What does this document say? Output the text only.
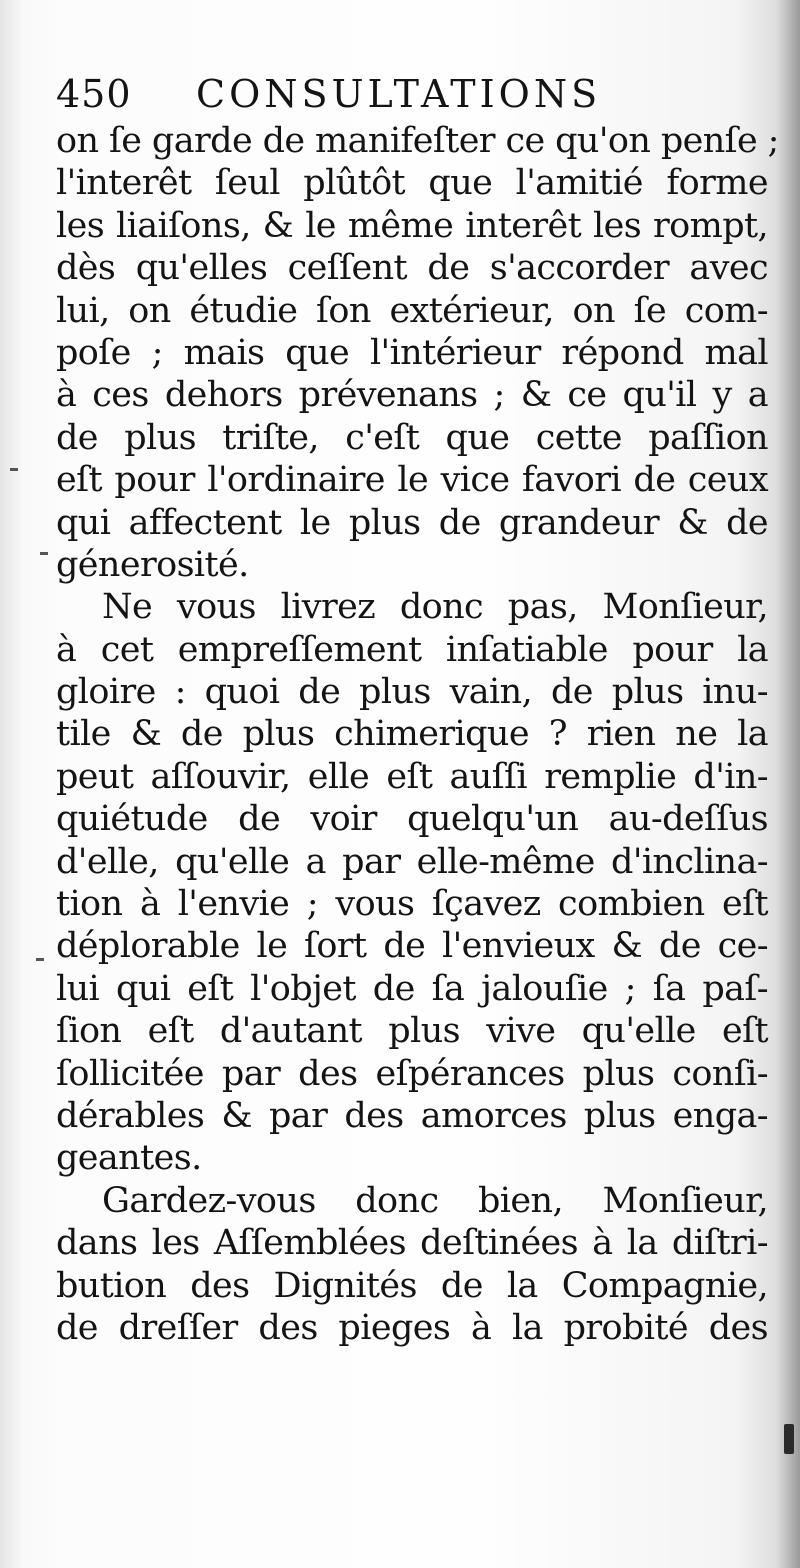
450 CONSULTATIONS
on ſe garde de manifeſter ce qu'on penſe ;
l'interêt ſeul plûtôt que l'amitié forme
les liaiſons, & le même interêt les rompt,
dès qu'elles ceſſent de s'accorder avec
lui, on étudie ſon extérieur, on ſe com-
poſe ; mais que l'intérieur répond mal
à ces dehors prévenans ; & ce qu'il y a
de plus triſte, c'eſt que cette paſſion
eſt pour l'ordinaire le vice favori de ceux
qui affectent le plus de grandeur & de
génerosité.
Ne vous livrez donc pas, Monſieur,
à cet empreſſement inſatiable pour la
gloire : quoi de plus vain, de plus inu-
tile & de plus chimerique ? rien ne la
peut aſſouvir, elle eſt auſſi remplie d'in-
quiétude de voir quelqu'un au-deſſus
d'elle, qu'elle a par elle-même d'inclina-
tion à l'envie ; vous ſçavez combien eſt
déplorable le ſort de l'envieux & de ce-
lui qui eſt l'objet de ſa jalouſie ; ſa paſ-
ſion eſt d'autant plus vive qu'elle eſt
ſollicitée par des eſpérances plus conſi-
dérables & par des amorces plus enga-
geantes.
Gardez-vous donc bien, Monſieur,
dans les Aſſemblées deſtinées à la diſtri-
bution des Dignités de la Compagnie,
de dreſſer des pieges à la probité des
